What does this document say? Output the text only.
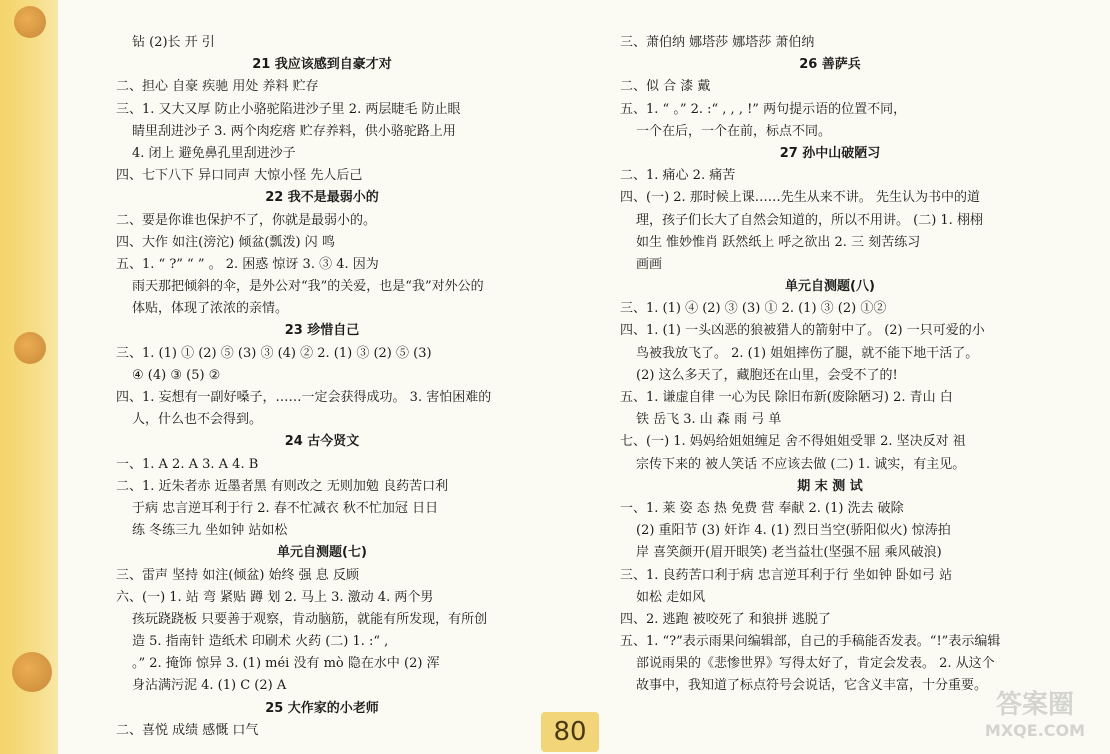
钻 (2)长 开 引
21 我应该感到自豪才对
二、担心 自豪 疾驰 用处 养料 贮存
三、1. 又大又厚 防止小骆驼陷进沙子里 2. 两层睫毛 防止眼
睛里刮进沙子 3. 两个肉疙瘩 贮存养料，供小骆驼路上用
4. 闭上 避免鼻孔里刮进沙子
四、七下八下 异口同声 大惊小怪 先人后己
22 我不是最弱小的
二、要是你谁也保护不了，你就是最弱小的。
四、大作 如注(滂沱) 倾盆(瓢泼) 闪 鸣
五、1. “ ?” “ ” 。 2. 困惑 惊讶 3. ③ 4. 因为
雨天那把倾斜的伞，是外公对“我”的关爱，也是“我”对外公的
体贴，体现了浓浓的亲情。
23 珍惜自己
三、1. (1) ① (2) ⑤ (3) ③ (4) ② 2. (1) ③ (2) ⑤ (3)
④ (4) ③ (5) ②
四、1. 妄想有一副好嗓子，……一定会获得成功。 3. 害怕困难的
人，什么也不会得到。
24 古今贤文
一、1. A 2. A 3. A 4. B
二、1. 近朱者赤 近墨者黑 有则改之 无则加勉 良药苦口利
于病 忠言逆耳利于行 2. 春不忙减衣 秋不忙加冠 日日
练 冬练三九 坐如钟 站如松
单元自测题(七)
三、雷声 坚持 如注(倾盆) 始终 强 息 反顾
六、(一) 1. 站 弯 紧贴 蹲 划 2. 马上 3. 激动 4. 两个男
孩玩跷跷板 只要善于观察，肯动脑筋，就能有所发现，有所创
造 5. 指南针 造纸术 印刷术 火药 (二) 1. :“ ,
。” 2. 掩饰 惊异 3. (1) méi 没有 mò 隐在水中 (2) 浑
身沾满污泥 4. (1) C (2) A
25 大作家的小老师
二、喜悦 成绩 感慨 口气
三、萧伯纳 娜塔莎 娜塔莎 萧伯纳
26 善萨兵
二、似 合 漆 戴
五、1. “ 。” 2. :“ , , , !” 两句提示语的位置不同，
一个在后，一个在前，标点不同。
27 孙中山破陋习
二、1. 痛心 2. 痛苦
四、(一) 2. 那时候上课……先生从来不讲。 先生认为书中的道
理，孩子们长大了自然会知道的，所以不用讲。 (二) 1. 栩栩
如生 惟妙惟肖 跃然纸上 呼之欲出 2. 三 刻苦练习
画画
单元自测题(八)
三、1. (1) ④ (2) ③ (3) ① 2. (1) ③ (2) ①②
四、1. (1) 一头凶恶的狼被猎人的箭射中了。 (2) 一只可爱的小
鸟被我放飞了。 2. (1) 姐姐摔伤了腿，就不能下地干活了。
(2) 这么多天了，藏胞还在山里，会受不了的!
五、1. 谦虚自律 一心为民 除旧布新(废除陋习) 2. 青山 白
铁 岳飞 3. 山 森 雨 弓 单
七、(一) 1. 妈妈给姐姐缠足 舍不得姐姐受罪 2. 坚决反对 祖
宗传下来的 被人笑话 不应该去做 (二) 1. 诚实，有主见。
期 末 测 试
一、1. 莱 姿 态 热 免费 营 奉献 2. (1) 洗去 破除
(2) 重阳节 (3) 奸诈 4. (1) 烈日当空(骄阳似火) 惊涛拍
岸 喜笑颜开(眉开眼笑) 老当益壮(坚强不屈 乘风破浪)
三、1. 良药苦口利于病 忠言逆耳利于行 坐如钟 卧如弓 站
如松 走如风
四、2. 逃跑 被咬死了 和狼拼 逃脱了
五、1. “?”表示雨果问编辑部，自己的手稿能否发表。“!”表示编辑
部说雨果的《悲惨世界》写得太好了，肯定会发表。 2. 从这个
故事中，我知道了标点符号会说话，它含义丰富，十分重要。
80
答案圈
MXQE.COM
